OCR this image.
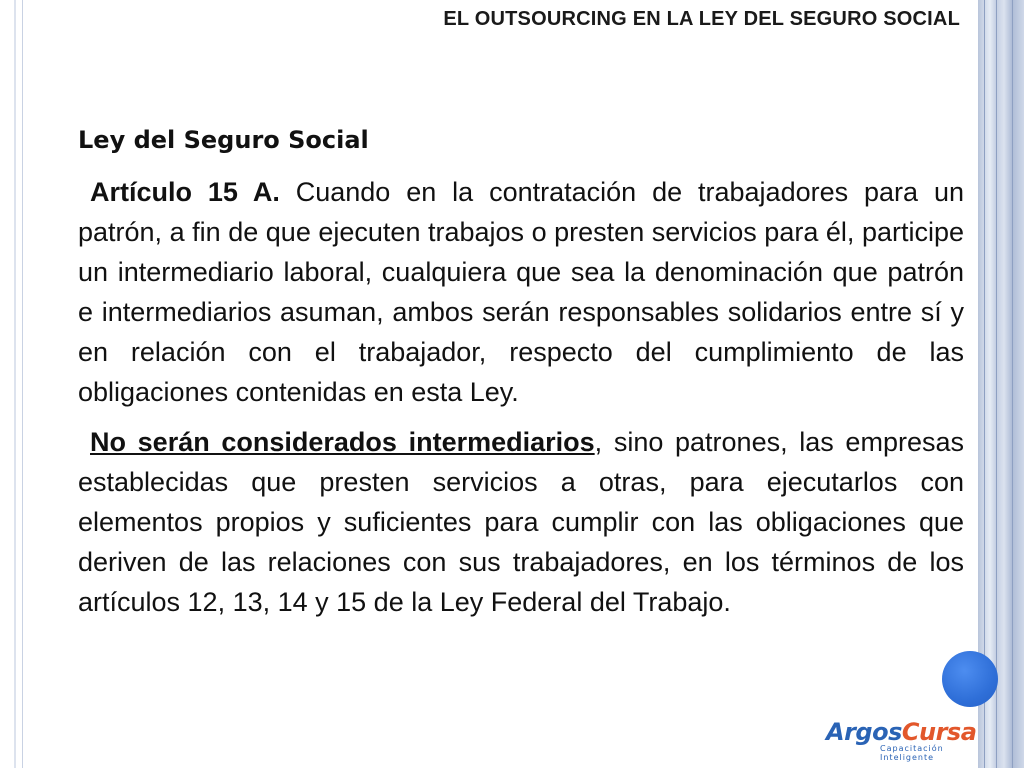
EL OUTSOURCING EN LA LEY DEL SEGURO SOCIAL
Ley del Seguro Social

Artículo 15 A. Cuando en la contratación de trabajadores para un patrón, a fin de que ejecuten trabajos o presten servicios para él, participe un intermediario laboral, cualquiera que sea la denominación que patrón e intermediarios asuman, ambos serán responsables solidarios entre sí y en relación con el trabajador, respecto del cumplimiento de las obligaciones contenidas en esta Ley.

No serán considerados intermediarios, sino patrones, las empresas establecidas que presten servicios a otras, para ejecutarlos con elementos propios y suficientes para cumplir con las obligaciones que deriven de las relaciones con sus trabajadores, en los términos de los artículos 12, 13, 14 y 15 de la Ley Federal del Trabajo.

ArgosCursa
Capacitación
Inteligente
